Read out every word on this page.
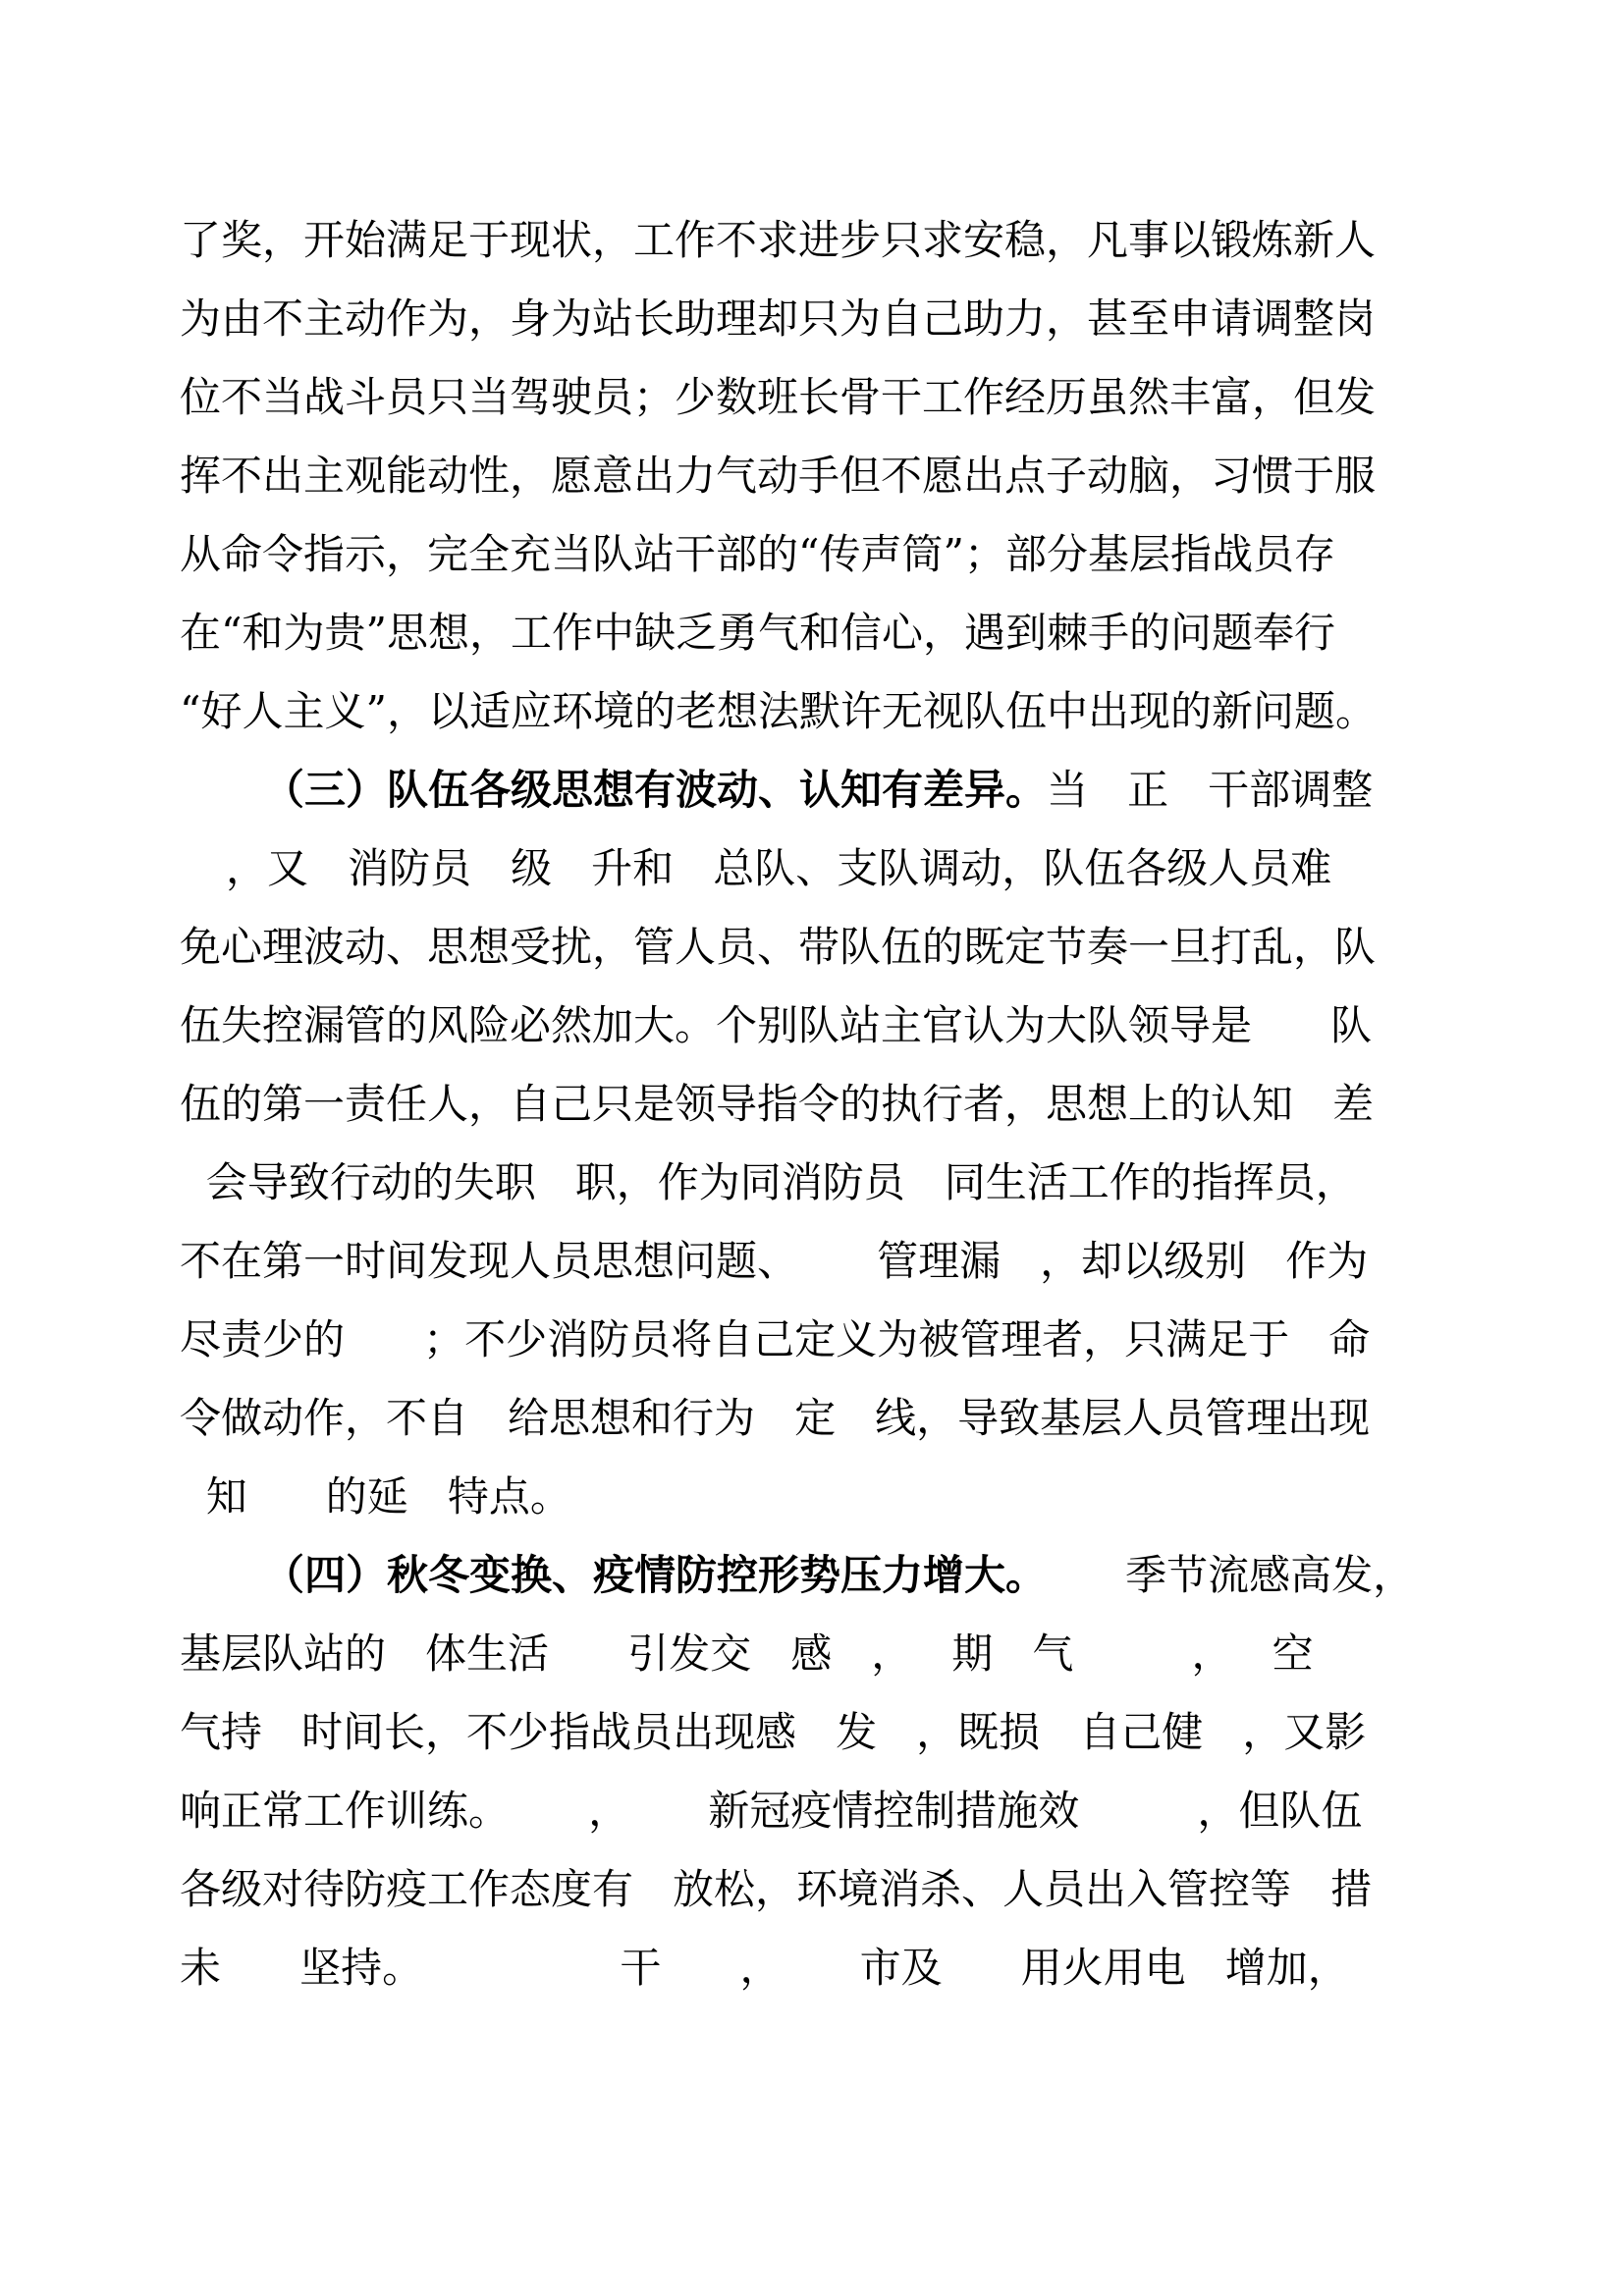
了奖，开始满足于现状，工作不求进步只求安稳，凡事以锻炼新人
为由不主动作为，身为站长助理却只为自己助力，甚至申请调整岗
位不当战斗员只当驾驶员；少数班长骨干工作经历虽然丰富，但发
挥不出主观能动性，愿意出力气动手但不愿出点子动脑，习惯于服
从命令指示，完全充当队站干部的“传声筒”；部分基层指战员存
在“和为贵”思想，工作中缺乏勇气和信心，遇到棘手的问题奉行
“好人主义”，以适应环境的老想法默许无视队伍中出现的新问题。
（三）队伍各级思想有波动、认知有差异。当   正   干部调整
，又   消防员   级   升和   总队、支队调动，队伍各级人员难
免心理波动、思想受扰，管人员、带队伍的既定节奏一旦打乱，队
伍失控漏管的风险必然加大。个别队站主官认为大队领导是      队
伍的第一责任人，自己只是领导指令的执行者，思想上的认知   差
会导致行动的失职   职，作为同消防员   同生活工作的指挥员，
不在第一时间发现人员思想问题、      管理漏   ，却以级别   作为
尽责少的      ；不少消防员将自己定义为被管理者，只满足于   命
令做动作，不自   给思想和行为   定   线，导致基层人员管理出现
知      的延   特点。
（四）秋冬变换、疫情防控形势压力增大。      季节流感高发，
基层队站的   体生活      引发交   感   ，   期   气         ，   空
气持   时间长，不少指战员出现感   发   ，既损   自己健   ，又影
响正常工作训练。      ，      新冠疫情控制措施效         ，但队伍
各级对待防疫工作态度有   放松，环境消杀、人员出入管控等   措
未      坚持。               干      ，      市及      用火用电   增加，
